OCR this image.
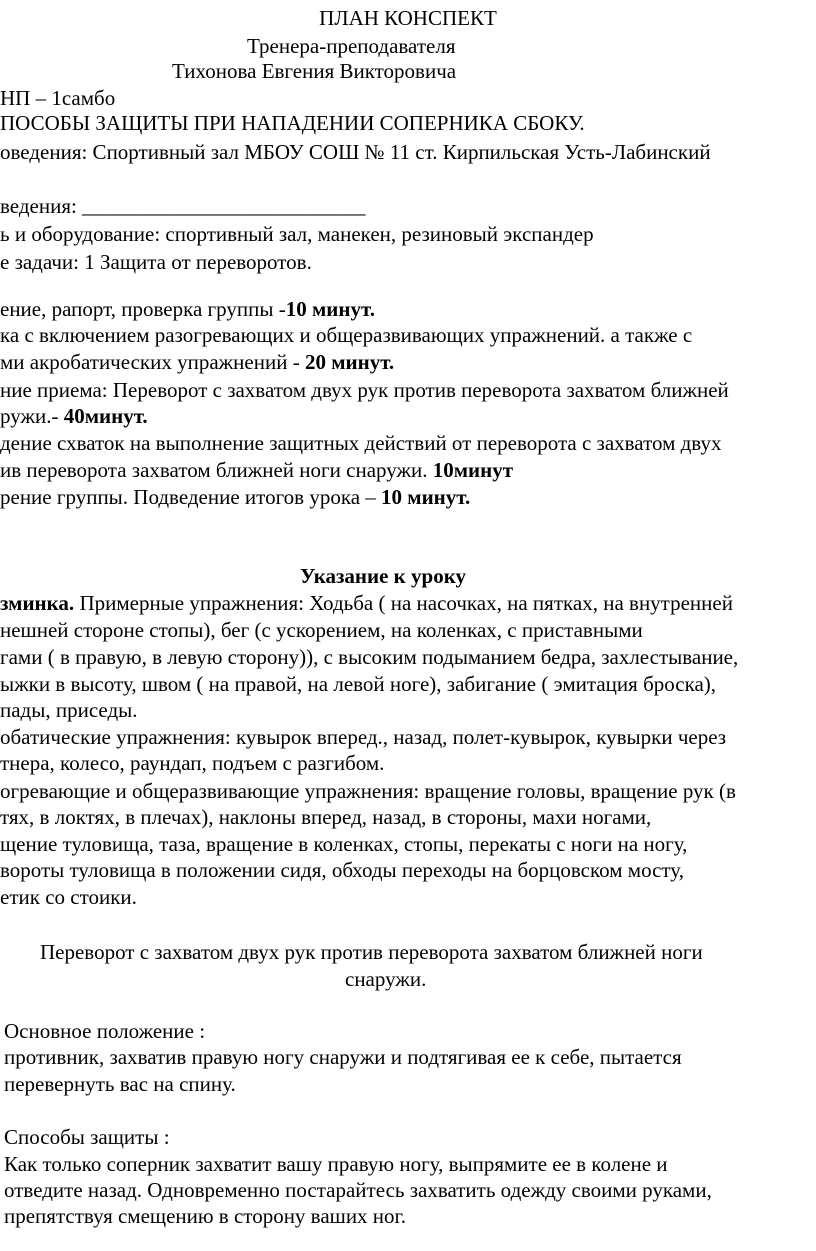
ПЛАН КОНСПЕКТ
Тренера-преподавателя
Тихонова Евгения Викторовича
НП – 1самбо
ПОСОБЫ ЗАЩИТЫ ПРИ НАПАДЕНИИ СОПЕРНИКА СБОКУ.
оведения: Спортивный зал МБОУ СОШ № 11 ст. Кирпильская Усть-Лабинский
ведения: ___________________________
ь и оборудование: спортивный зал, манекен, резиновый экспандер
е задачи: 1 Защита от переворотов.
ение, рапорт, проверка группы -10 минут.
ка с включением разогревающих и общеразвивающих упражнений. а также с
ми акробатических упражнений - 20 минут.
ние приема: Переворот с захватом двух рук против переворота захватом ближней
ружи.- 40минут.
дение схваток на выполнение защитных действий от переворота с захватом двух
ив переворота захватом ближней ноги снаружи. 10минут
рение группы. Подведение итогов урока – 10 минут.
Указание к уроку
зминка. Примерные упражнения: Ходьба ( на насочках, на пятках, на внутренней
нешней стороне стопы), бег (с ускорением, на коленках, с приставными
гами ( в правую, в левую сторону)), с высоким подыманием бедра, захлестывание,
ыжки в высоту, швом ( на правой, на левой ноге), забигание ( эмитация броска),
пады, приседы.
обатические упражнения: кувырок вперед., назад, полет-кувырок, кувырки через
тнера, колесо, раундап, подъем с разгибом.
огревающие и общеразвивающие упражнения: вращение головы, вращение рук (в
тях, в локтях, в плечах), наклоны вперед, назад, в стороны, махи ногами,
щение туловища, таза, вращение в коленках, стопы, перекаты с ноги на ногу,
вороты туловища в положении сидя, обходы переходы на борцовском мосту,
етик со стоики.
Переворот с захватом двух рук против переворота захватом ближней ноги
снаружи.
Основное положение :
противник, захватив правую ногу снаружи и подтягивая ее к себе, пытается
перевернуть вас на спину.
Способы защиты :
Как только соперник захватит вашу правую ногу, выпрямите ее в колене и
отведите назад. Одновременно постарайтесь захватить одежду своими руками,
препятствуя смещению в сторону ваших ног.
